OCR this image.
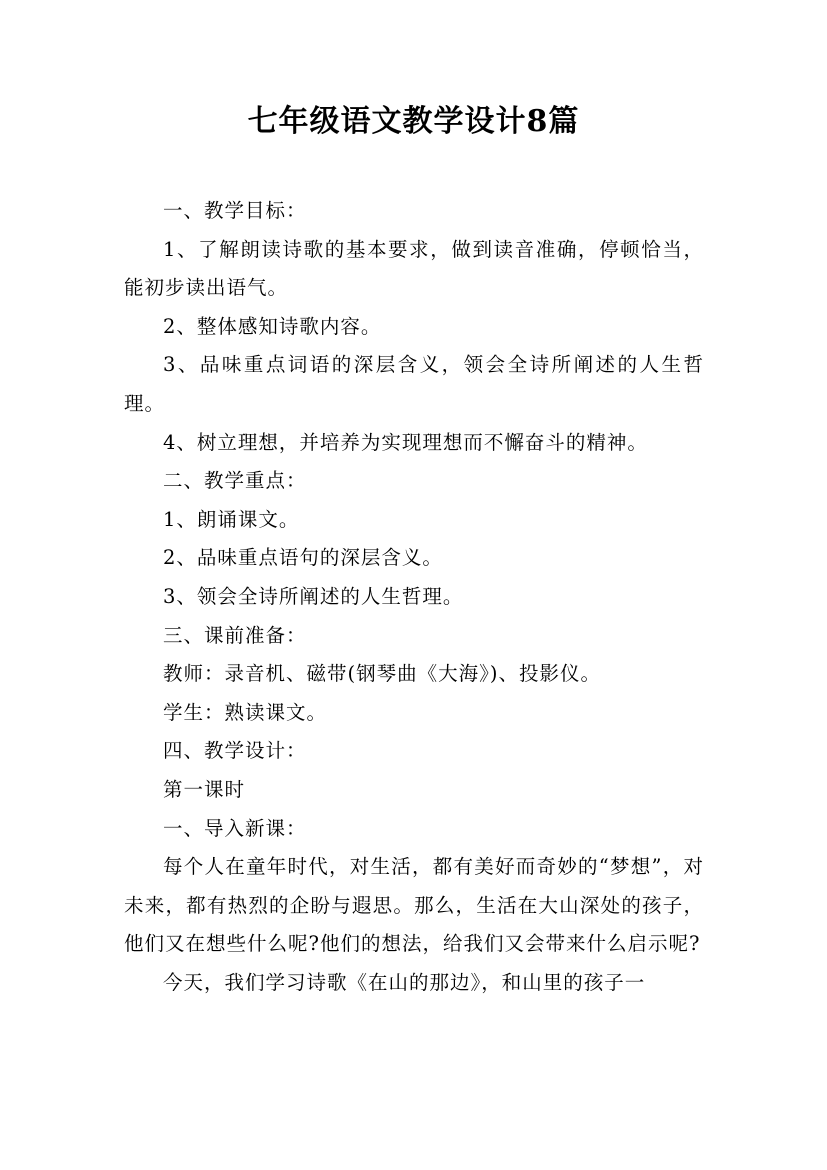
七年级语文教学设计8篇

一、教学目标：

1、了解朗读诗歌的基本要求，做到读音准确，停顿恰当，能初步读出语气。

2、整体感知诗歌内容。

3、品味重点词语的深层含义，领会全诗所阐述的人生哲理。

4、树立理想，并培养为实现理想而不懈奋斗的精神。

二、教学重点：

1、朗诵课文。

2、品味重点语句的深层含义。

3、领会全诗所阐述的人生哲理。

三、课前准备：

教师：录音机、磁带(钢琴曲《大海》)、投影仪。

学生：熟读课文。

四、教学设计：

第一课时

一、导入新课：

每个人在童年时代，对生活，都有美好而奇妙的“梦想”，对未来，都有热烈的企盼与遐思。那么，生活在大山深处的孩子，他们又在想些什么呢?他们的想法，给我们又会带来什么启示呢?

今天，我们学习诗歌《在山的那边》，和山里的孩子一
